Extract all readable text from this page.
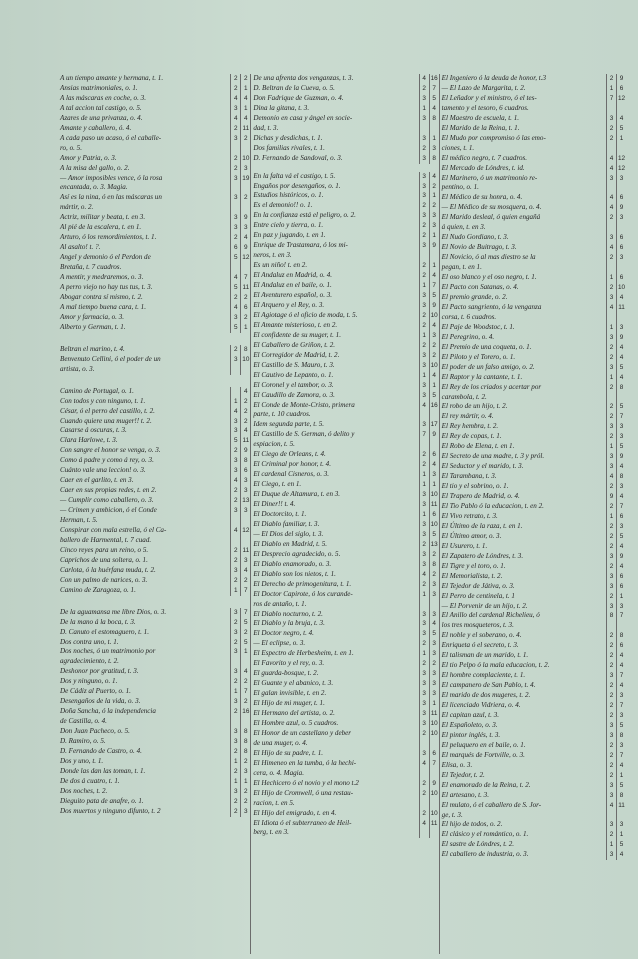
A un tiempo amante y hermana, t. 1.	2	2
Ansias matrimoniales, o. 1.	2	1
A las máscaras en coche, o. 3.	4	4
A tal accion tal castigo, o. 5.	3	1
Azares de una privanza, o. 4.	4	4
Amante y caballero, ó. 4.	2 11
A cada paso un acaso, ó el caballe-
ro, o. 5.
3	2
Amor y Patria, o. 3.	2 10
A la misa del gallo, o. 2.	2	3
— Amor imposibles vence, ó la rosa
encantada, o. 3. Magia.
3 19
Así es la nina, ó en las máscaras un
mártir, o. 2.
3	2
Actriz, militar y beata, t. en 3.	3	9
Al pié de la escalera, t. en 1.	3	3
Arturo, ó los remordimientos, t. 1.	2	4
Al asalto! t. ?.	6	9
Angel y demonio ó el Perdon de
Bretaña, t. 7 cuadros.
5 12
A mentir, y medraremos, o. 3.	4	7
A perro viejo no hay tus tus, t. 3.	5 11
Abogar contra sí mismo, t. 2.	2	2
A mal tiempo buena cara, t. 1.	4	6
Amor y farmacia, o. 3.	3	2
Alberto y German, t. 1.	5	1
Beltran el marino, t. 4.	2	8
Benvenuto Cellini, ó el poder de un
artista, o. 3.
3 10
Camino de Portugal, o. 1.	4
Con todos y con ninguno, t. 1.	1	2
César, ó el perro del castillo, t. 2.	4	2
Cuando quiere una muger!! t. 2.	3	2
Casarse á oscuras, t. 3.	3	4
Clara Harlowe, t. 3.	5 11
Con sangre el honor se venga, o. 3.	2	9
Como á padre y como á rey, o. 3.	3	8
Cuánto vale una leccion! o. 3.	3	6
Caer en el garlito, t. en 3.	4	3
Caer en sus propias redes, t. en 2.	2	3
— Cumplir como caballero, o. 3.	2 13
— Crimen y ambicion, ó el Conde
Herman, t. 5.
3	3
Conspirar con mala estrella, ó el Ca-
ballero de Harmental, t. 7 cuad.
4 12
Cinco reyes para un reino, o 5.	2 11
Caprichos de una soltera, o. 1.	2	3
Carlota, ó la huérfana muda, t. 2.	3	4
Con un palmo de narices, o. 3.	2	2
Camino de Zaragoza, o. 1.	1	7
De la aguamansa me libre Dios, o. 3.	3	7
De la mano á la boca, t. 3.	2	5
D. Canuto el estomaguero, t. 1.	3	2
Dos contra uno, t. 1.	2	5
Dos noches, ó un matrimonio por
agradecimiento, t. 2.
3	1
Deshonor por gratitud, t. 3.	3	4
Dos y ninguno, o. 1.	2	2
De Cádiz al Puerto, o. 1.	1	7
Desengaños de la vida, o. 3.	3	2
Doña Sancha, ó la independencia
de Castilla, o. 4.
2 16
Don Juan Pacheco, o. 5.	3	8
D. Ramiro, o. 5.	3	8
D. Fernando de Castro, o. 4.	2	8
Dos y uno, t. 1.	1	2
Donde las dan las toman, t. 1.	2	3
De dos á cuatro, t. 1.	1	1
Dos noches, t. 2.	3	2
Dieguito pata de anafre, o. 1.	2	2
Dos muertos y ninguno difunto, t. 2	2	3
De una afrenta dos venganzas, t. 3.	4 16
D. Beltran de la Cueva, o. 5.	2	7
Don Fadrique de Guzman, o. 4.	3	5
Dina la gitana, t. 3.	1	4
Demonio en casa y ángel en socie-
dad, t. 3.
3	8
Dichas y desdichas, t. 1.	3	1
Dos familias rivales, t. 1.	2	3
D. Fernando de Sandoval, o. 3.	3	8
En la falta vá el castigo, t. 5.	3	4
Engaños por desengaños, o. 1.	3	2
Estudios históricos, o. 1.	3	1
Es el demonio!! o. 1.	2	2
En la confianza está el peligro, o. 2.	3	3
Entre cielo y tierra, o. 1.	2	3
En paz y jugando, t. en 1.	2	1
Enrique de Trastamara, ó los mi-
neros, t. en 3.
3	9
Es un niño! t. en 2.	2	1
El Andaluz en Madrid, o. 4.	2	4
El Andaluz en el baile, o. 1.	1	7
El Aventurero español, o. 3.	3	5
El Arquero y el Rey, o. 3.	3	9
El Agiotage ó el oficio de moda, t. 5.	2 10
El Amante misterioso, t. en 2.	2	4
El confidente de su muger, t. 1.	1	3
El Caballero de Griñon, t. 2.	2	2
El Corregidor de Madrid, t. 2.	3	2
El Castillo de S. Mauro, t. 3.	3 10
El Cautivo de Lepanto, o. 1.	1	4
El Coronel y el tambor, o. 3.	3	1
El Caudillo de Zamora, o. 3.	3	5
El Conde de Monte-Cristo, primera
parte, t. 10 cuadros.
4 16
Idem segunda parte, t. 5.	3 17
El Castillo de S. German, ó delito y
espiacion, t. 5.
7	9
El Ciego de Orleans, t. 4.	2	6
El Criminal por honor, t. 4.	2	4
El cardenal Cisneros, o. 3.	1	3
El Ciego, t. en 1.	1	1
El Duque de Altamura, t. en 3.	3 10
El Diner!! t. 4.	3 11
El Doctorcito, t. 1.	1	6
El Diablo familiar, t. 3.	3 10
— El Dios del siglo, t. 3.	3	5
El Diablo en Madrid, t. 5.	2 13
El Desprecio agradecido, o. 5.	3	2
El Diablo enamorado, o. 3.	3	8
El Diablo son los nietos, t. 1.	4	2
El Derecho de primogenitura, t. 1.	2	3
El Doctor Capirote, ó los curande-
ros de antaño, t. 1.
1	3
El Diablo nocturno, t. 2.	3	3
El Diablo y la bruja, t. 3.	3	4
El Doctor negro, t. 4.	3	5
— El eclipse, o. 3.	2	3
El Espectro de Herbesheim, t. en 1.	1	3
El Favorito y el rey, o. 3.	2	2
El guarda-bosque, t. 2.	3	3
El Guante y el abanico, t. 3.	3	3
El galan invisible, t. en 2.	3	3
El Hijo de mi muger, t. 1.	3	1
El Hermano del artista, o. 2.	3 11
El Hombre azul, o. 5 cuadros.	3 10
El Honor de un castellano y deber
de una muger, o. 4.
2 10
El Hijo de su padre, t. 1.	3	6
El Himeneo en la tumba, ó la hechi-
cera, o. 4. Magia.
4	7
El Hechicero ó el novio y el mono t.2	2	9
El Hijo de Cromwell, ó una restau-
racion, t. en 5.
2 10
El Hijo del emigrado, t. en 4.	2 10
El Idiota ó el subterraneo de Heil-
berg, t. en 3.
4 11
El Ingeniero ó la deuda de honor, t.3	2	9
— El Lazo de Margarita, t. 2.	1	6
El Leñador y el ministro, ó el tes-
tamento y el tesoro, 6 cuadros.
7 12
El Maestro de escuela, t. 1.	3	4
El Marido de la Reina, t. 1.	2	5
El Mudo por compromiso ó las emo-
ciones, t. 1.
2	1
El médico negro, t. 7 cuadros.	4 12
El Mercado de Lóndres, t. id.	4 12
El Marinero, ó un matrimonio re-
pentino, o. 1.
3	3
El Médico de su honra, o. 4.	4	6
— El Médico de su mosquera, o. 4.	4	9
El Marido desleal, ó quien engañá
á quien, t. en 3.
2	3
El Nudo Gordiano, t. 3.	3	6
El Novio de Buitrago, t. 3.	4	6
El Novicio, ó al mas diestro se la
pegan, t. en 1.
2	3
El oso blanco y el oso negro, t. 1.	1	6
El Pacto con Satanas, o. 4.	2 10
El premio grande, o. 2.	3	4
El Pacto sangriento, ó la venganza
corsa, t. 6 cuadros.
4 11
El Paje de Woodstoc, t. 1.	1	3
El Peregrino, o. 4.	3	9
El Premio de una coqueta, o. 1.	2	4
El Piloto y el Torero, o. 1.	2	4
El poder de un falso amigo, o. 2.	3	5
El Raptor y la cantante, t. 1.	1	4
El Rey de los criados y acertar por
carambola, t. 2.
2	8
El robo de un hijo, t. 2.	2	5
El rey mártir, o. 4.	2	7
El Rey hembra, t. 2.	3	3
El Rey de copas, t. 1.	2	3
El Robo de Elena, t. en 1.	1	5
El Secreto de una madre, t. 3 y pról.	3	9
El Seductor y el marido, t. 3.	3	4
El Tarambana, t. 3.	4	8
El tio y el sobrino, o. 1.	2	3
El Trapero de Madrid, o. 4.	9	4
El Tio Pablo ó la educacion, t. en 2.	2	7
El Vivo retrato, t. 3.	1	6
El Último de la raza, t. en 1.	2	3
El Último amor, o. 3.	2	5
El Usurero, t. 1.	2	4
El Zapatero de Lóndres, t. 3.	3	9
El Tigre y el toro, o. 1.	2	4
El Memorialista, t. 2.	3	6
El Tejedor de Játiva, o. 3.	3	6
El Perro de centinela, t. 1	2	1
— El Porvenir de un hijo, t. 2.	3	3
El Anillo del cardenal Richelieu, ó
los tres mosqueteros, t. 3.
8	7
El noble y el soberano, o. 4.	2	8
Enriqueta ó el secreto, t. 3.	2	6
El talisman de un marido, t. 1.	2	4
El tio Pelpo ó la mala educacion, t. 2.	2	4
El hombre complaciente, t. 1.	3	7
El campanero de San Pablo, t. 4.	2	4
El marido de dos mugeres, t. 2.	2	3
El licenciado Vidriera, o. 4.	2	7
El capitan azul, t. 3.	2	3
El Españoleto, o. 3.	3	5
El pintor inglés, t. 3.	3	8
El peluquero en el baile, o. 1.	2	3
El marqués de Fortville, o. 3.	2	7
Elisa, o. 3.	2	4
El Tejedor, t. 2.	2	1
El enamorado de la Reina, t. 2.	3	5
El artesano, t. 3.	3	8
El mulato, ó el caballero de S. Jor-
ge, t. 3.
4 11
El hijo de todos, o. 2.	3	3
El clásico y el romántico, o. 1.	2	1
El sastre de Lóndres, t. 2.	1	5
El caballero de industria, o. 3.	3	4
